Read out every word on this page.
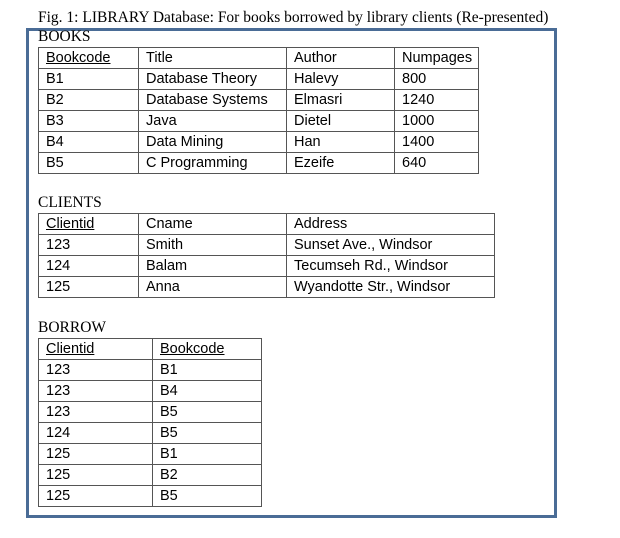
Fig. 1: LIBRARY Database: For books borrowed by library clients (Re-presented)
BOOKS
Bookcode	Title	Author	Numpages
B1	Database Theory	Halevy	800
B2	Database Systems	Elmasri	1240
B3	Java	Dietel	1000
B4	Data Mining	Han	1400
B5	C Programming	Ezeife	640
CLIENTS
Clientid	Cname	Address
123	Smith	Sunset Ave., Windsor
124	Balam	Tecumseh Rd., Windsor
125	Anna	Wyandotte Str., Windsor
BORROW
Clientid	Bookcode
123	B1
123	B4
123	B5
124	B5
125	B1
125	B2
125	B5
